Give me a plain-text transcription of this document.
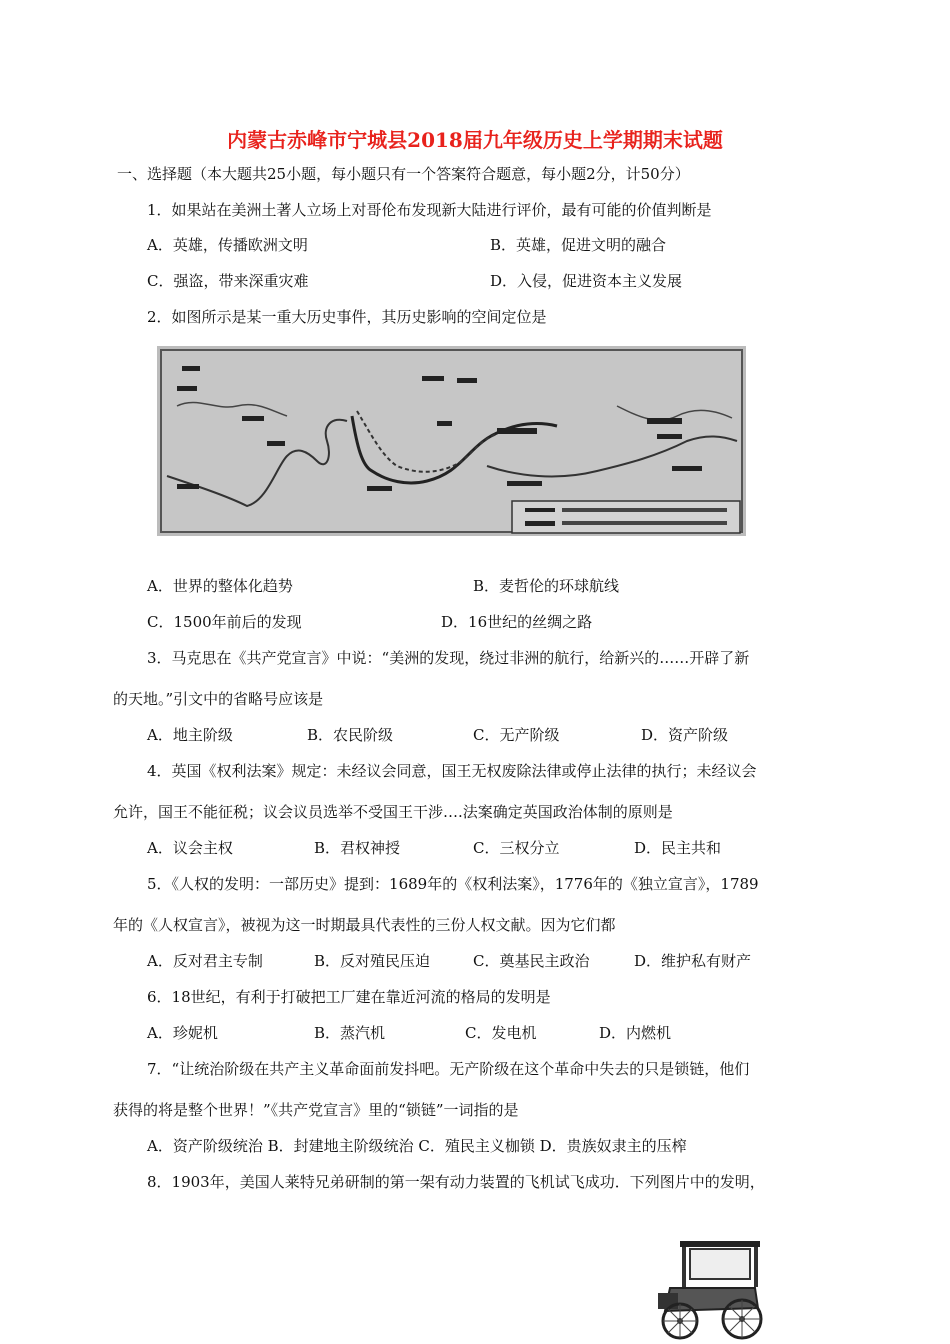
内蒙古赤峰市宁城县2018届九年级历史上学期期末试题
一、选择题（本大题共25小题，每小题只有一个答案符合题意，每小题2分，计50分）
1．如果站在美洲土著人立场上对哥伦布发现新大陆进行评价，最有可能的价值判断是
A．英雄，传播欧洲文明	B．英雄，促进文明的融合
C．强盗，带来深重灾难	D．入侵，促进资本主义发展
2．如图所示是某一重大历史事件，其历史影响的空间定位是
A．世界的整体化趋势	B．麦哲伦的环球航线
C．1500年前后的发现	D．16世纪的丝绸之路
3．马克思在《共产党宣言》中说：“美洲的发现，绕过非洲的航行，给新兴的……开辟了新
的天地。”引文中的省略号应该是
A．地主阶级	B．农民阶级	C．无产阶级	D．资产阶级
4．英国《权利法案》规定：未经议会同意，国王无权废除法律或停止法律的执行；未经议会
允许，国王不能征税；议会议员选举不受国王干涉….法案确定英国政治体制的原则是
A．议会主权	B．君权神授	C．三权分立	D．民主共和
5．《人权的发明：一部历史》提到：1689年的《权利法案》，1776年的《独立宣言》，1789
年的《人权宣言》，被视为这一时期最具代表性的三份人权文献。因为它们都
A．反对君主专制	B．反对殖民压迫	C．奠基民主政治	D．维护私有财产
6．18世纪，有利于打破把工厂建在靠近河流的格局的发明是
A．珍妮机	B．蒸汽机	C．发电机	D．内燃机
7．“让统治阶级在共产主义革命面前发抖吧。无产阶级在这个革命中失去的只是锁链，他们
获得的将是整个世界！”《共产党宣言》里的“锁链”一词指的是
A．资产阶级统治 B．封建地主阶级统治 C．殖民主义枷锁 D．贵族奴隶主的压榨
8．1903年，美国人莱特兄弟研制的第一架有动力装置的飞机试飞成功．下列图片中的发明，
